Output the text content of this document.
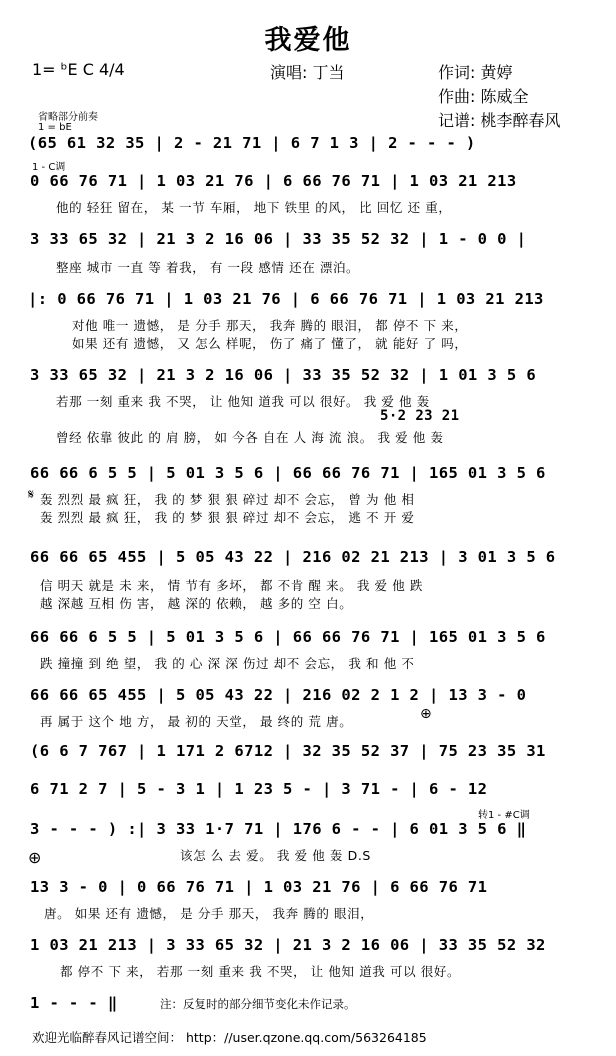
我爱他
1= ᵇE C 4/4	演唱: 丁当	作词: 黄婷
作曲: 陈威全
记谱: 桃李醉春风
省略部分前奏
1 = bE
1 - C调
转1 - #C调
(65 61 32 35 | 2 - 21 71 | 6 7 1 3 | 2 - - - )
0 66 76 71 | 1 03 21 76 | 6 66 76 71 | 1 03 21 213
他的 轻狂 留在， 某 一节 车厢， 地下 铁里 的风， 比 回忆 还 重，
3 33 65 32 | 21 3 2 16 06 | 33 35 52 32 | 1 - 0 0 |
整座 城市 一直 等 着我， 有 一段 感情 还在 漂泊。
|: 0 66 76 71 | 1 03 21 76 | 6 66 76 71 | 1 03 21 213
对他 唯一 遗憾， 是 分手 那天， 我奔 腾的 眼泪， 都 停不 下 来，
如果 还有 遗憾， 又 怎么 样呢， 伤了 痛了 懂了， 就 能好 了 吗，
3 33 65 32 | 21 3 2 16 06 | 33 35 52 32 | 1 01 3 5 6
若那 一刻 重来 我 不哭， 让 他知 道我 可以 很好。 我 爱 他 轰
5·2 23 21
曾经 依靠 彼此 的 肩 膀， 如 今各 自在 人 海 流 浪。 我 爱 他 轰
66 66 6 5 5 | 5 01 3 5 6 | 66 66 76 71 | 165 01 3 5 6
轰 烈烈 最 疯 狂， 我 的 梦 狠 狠 碎过 却不 会忘， 曾 为 他 相
轰 烈烈 最 疯 狂， 我 的 梦 狠 狠 碎过 却不 会忘， 逃 不 开 爱
66 66 65 455 | 5 05 43 22 | 216 02 21 213 | 3 01 3 5 6
信 明天 就是 未 来， 情 节有 多坏， 都 不肯 醒 来。 我 爱 他 跌
越 深越 互相 伤 害， 越 深的 依赖， 越 多的 空 白。
66 66 6 5 5 | 5 01 3 5 6 | 66 66 76 71 | 165 01 3 5 6
跌 撞撞 到 绝 望， 我 的 心 深 深 伤过 却不 会忘， 我 和 他 不
66 66 65 455 | 5 05 43 22 | 216 02 2 1 2 | 13 3 - 0
再 属于 这个 地 方， 最 初的 天堂， 最 终的 荒 唐。
(6 6 7 767 | 1 171 2 6712 | 32 35 52 37 | 75 23 35 31
6 71 2 7 | 5 - 3 1 | 1 23 5 - | 3 71 - | 6 - 12
3 - - - ) :| 3 33 1·7 71 | 176 6 - - | 6 01 3 5 6 ‖
该怎 么 去 爱。 我 爱 他 轰 D.S
13 3 - 0 | 0 66 76 71 | 1 03 21 76 | 6 66 76 71
唐。 如果 还有 遗憾， 是 分手 那天， 我奔 腾的 眼泪，
1 03 21 213 | 3 33 65 32 | 21 3 2 16 06 | 33 35 52 32
都 停不 下 来， 若那 一刻 重来 我 不哭， 让 他知 道我 可以 很好。
1 - - - ‖	注：反复时的部分细节变化未作记录。
⊕
⊕
𝄋
欢迎光临醉春风记谱空间： http：//user.qzone.qq.com/563264185
